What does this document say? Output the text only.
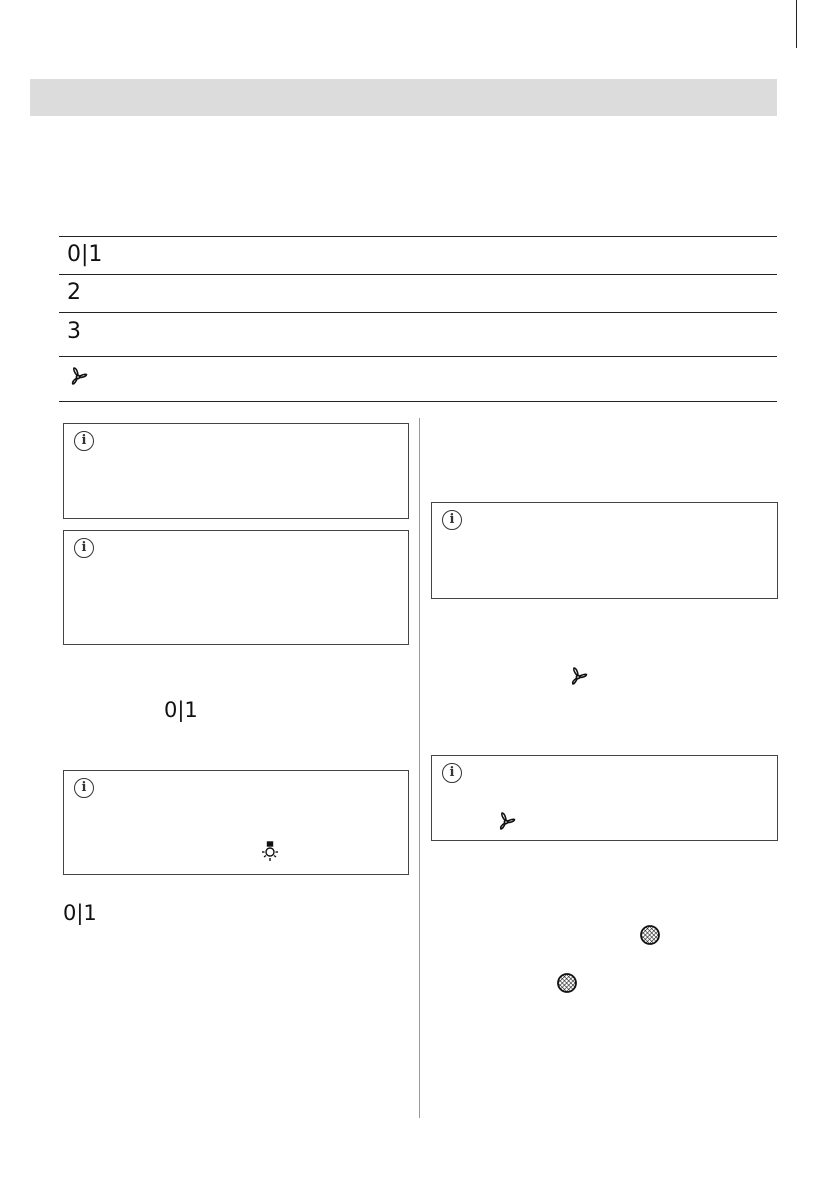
0|1
2
3
i
i
0|1
i
0|1
i
i
